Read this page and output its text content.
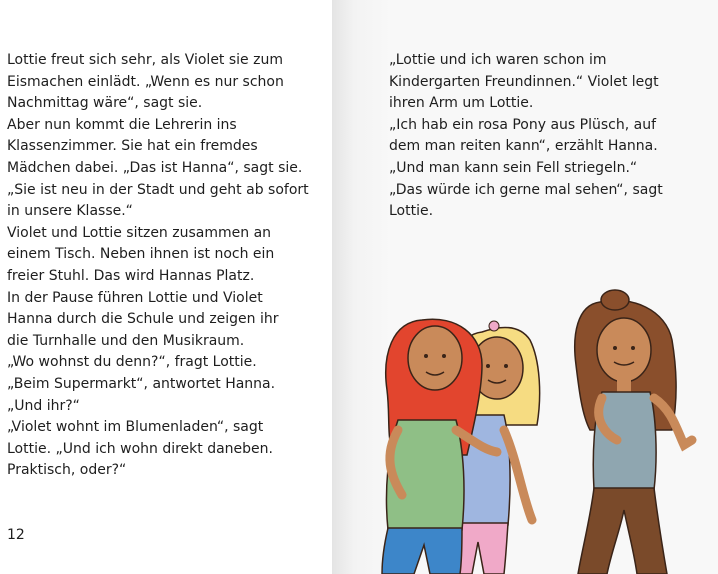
Lottie freut sich sehr, als Violet sie zum
Eismachen einlädt. „Wenn es nur schon
Nachmittag wäre“, sagt sie.
Aber nun kommt die Lehrerin ins
Klassenzimmer. Sie hat ein fremdes
Mädchen dabei. „Das ist Hanna“, sagt sie.
„Sie ist neu in der Stadt und geht ab sofort
in unsere Klasse.“
Violet und Lottie sitzen zusammen an
einem Tisch. Neben ihnen ist noch ein
freier Stuhl. Das wird Hannas Platz.
In der Pause führen Lottie und Violet
Hanna durch die Schule und zeigen ihr
die Turnhalle und den Musikraum.
„Wo wohnst du denn?“, fragt Lottie.
„Beim Supermarkt“, antwortet Hanna.
„Und ihr?“
„Violet wohnt im Blumenladen“, sagt
Lottie. „Und ich wohn direkt daneben.
Praktisch, oder?“
12
„Lottie und ich waren schon im
Kindergarten Freundinnen.“ Violet legt
ihren Arm um Lottie.
„Ich hab ein rosa Pony aus Plüsch, auf
dem man reiten kann“, erzählt Hanna.
„Und man kann sein Fell striegeln.“
„Das würde ich gerne mal sehen“, sagt
Lottie.
